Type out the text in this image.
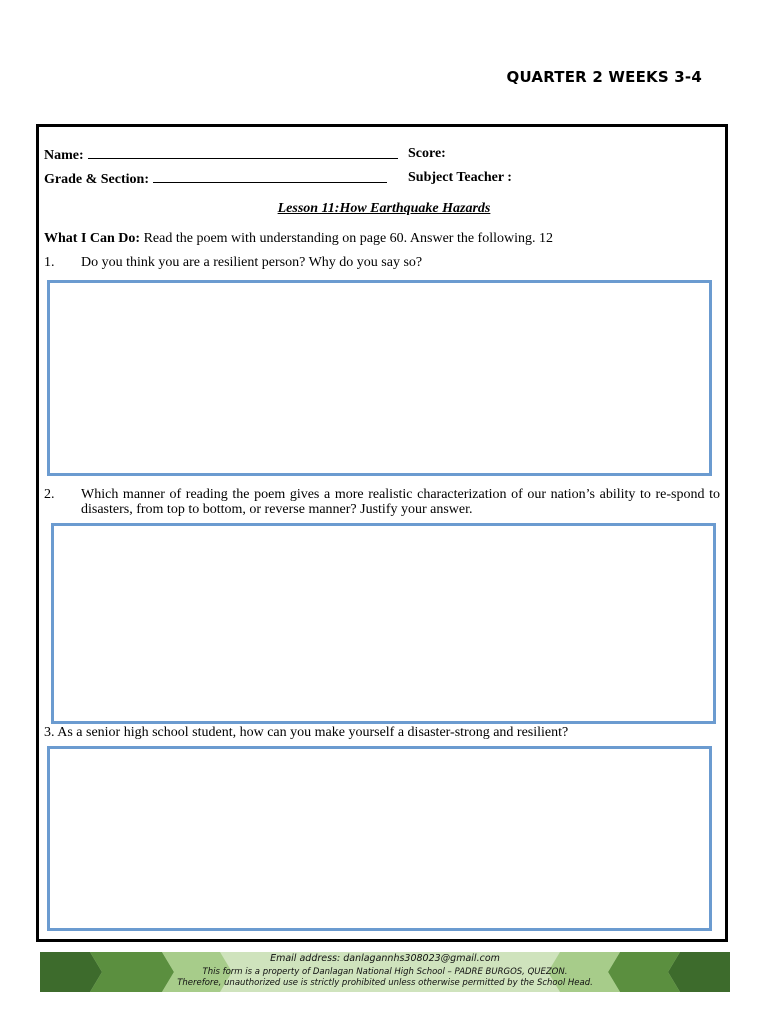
QUARTER 2 WEEKS 3-4
Name:	Score:
Grade & Section:	Subject Teacher :
Lesson 11:How Earthquake Hazards
What I Can Do: Read the poem with understanding on page 60. Answer the following. 12
1.	Do you think you are a resilient person? Why do you say so?
2.	Which manner of reading the poem gives a more realistic characterization of our nation’s ability to re-spond to disasters, from top to bottom, or reverse manner? Justify your answer.
3. As a senior high school student, how can you make yourself a disaster-strong and resilient?
Email address: danlagannhs308023@gmail.com
This form is a property of Danlagan National High School – PADRE BURGOS, QUEZON.
Therefore, unauthorized use is strictly prohibited unless otherwise permitted by the School Head.
